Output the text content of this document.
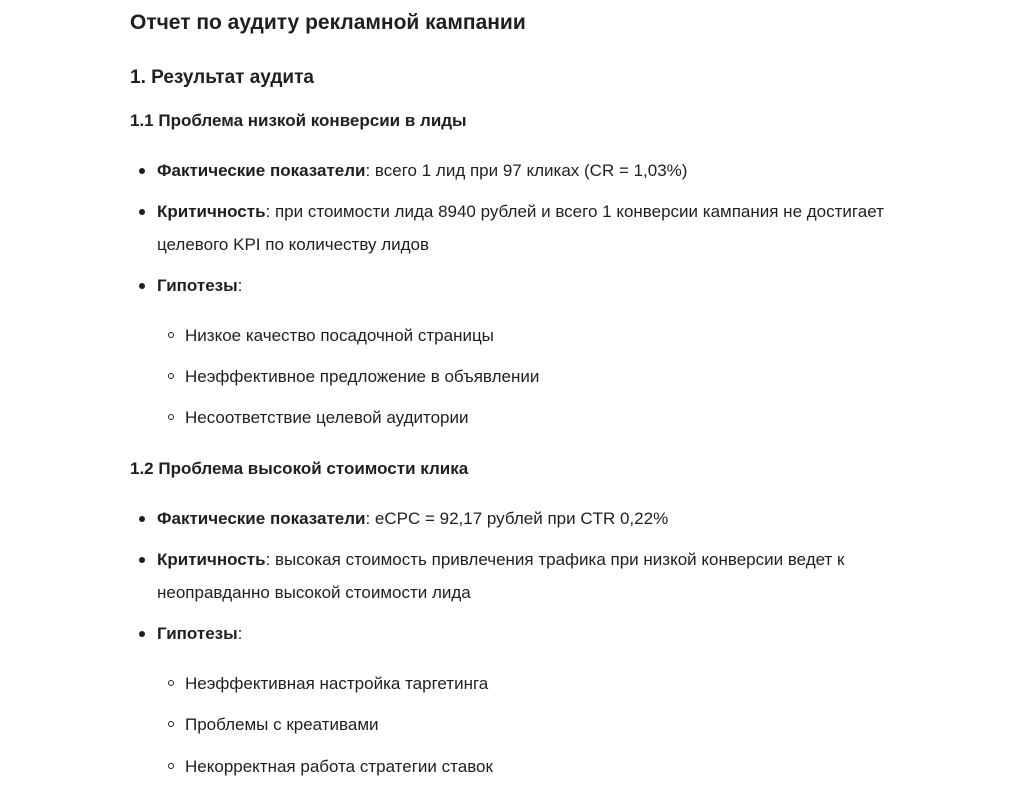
Отчет по аудиту рекламной кампании
1. Результат аудита
1.1 Проблема низкой конверсии в лиды
Фактические показатели: всего 1 лид при 97 кликах (CR = 1,03%)
Критичность: при стоимости лида 8940 рублей и всего 1 конверсии кампания не достигает целевого KPI по количеству лидов
Гипотезы:
Низкое качество посадочной страницы
Неэффективное предложение в объявлении
Несоответствие целевой аудитории
1.2 Проблема высокой стоимости клика
Фактические показатели: eCPC = 92,17 рублей при CTR 0,22%
Критичность: высокая стоимость привлечения трафика при низкой конверсии ведет к неоправданно высокой стоимости лида
Гипотезы:
Неэффективная настройка таргетинга
Проблемы с креативами
Некорректная работа стратегии ставок
